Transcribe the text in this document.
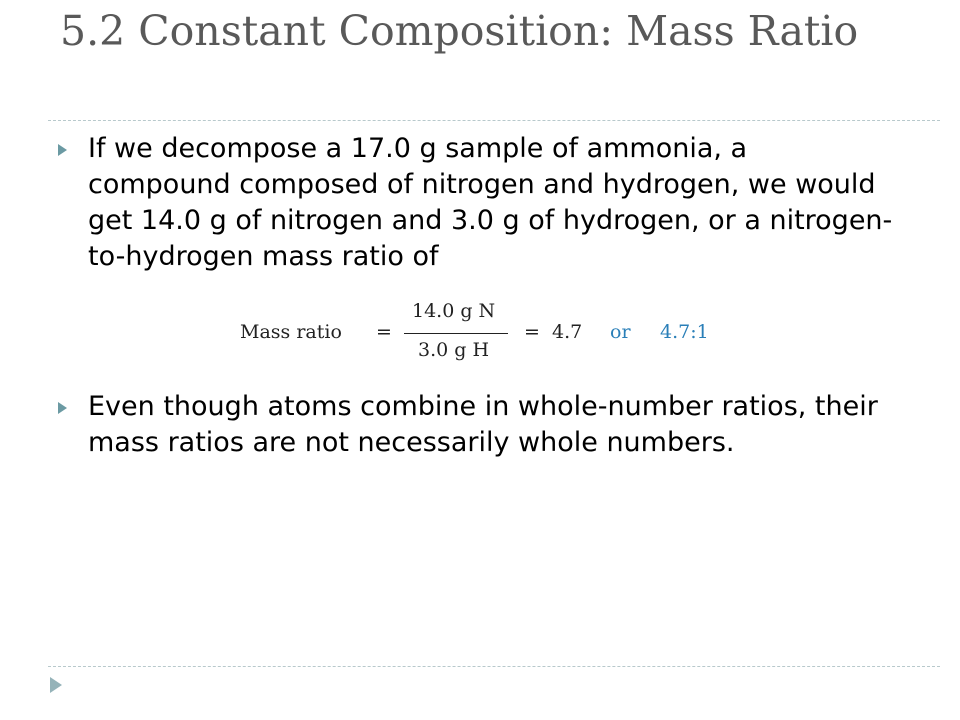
5.2 Constant Composition: Mass Ratio

If we decompose a 17.0 g sample of ammonia, a compound composed of nitrogen and hydrogen, we would get 14.0 g of nitrogen and 3.0 g of hydrogen, or a nitrogen-to-hydrogen mass ratio of

Mass ratio =
14.0 g N
3.0 g H
= 4.7 or 4.7:1

Even though atoms combine in whole-number ratios, their mass ratios are not necessarily whole numbers.
